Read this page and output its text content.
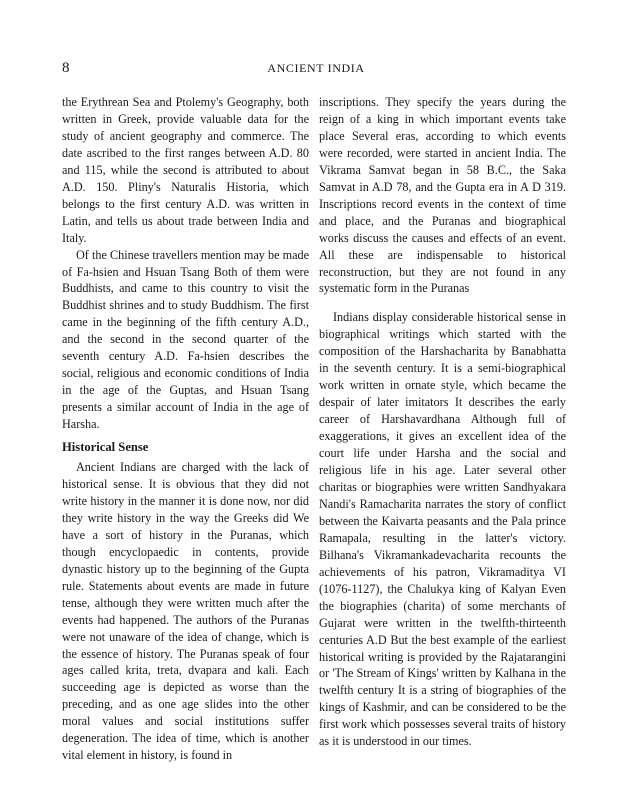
8	ANCIENT INDIA

the Erythrean Sea and Ptolemy's Geography, both written in Greek, provide valuable data for the study of ancient geography and commerce. The date ascribed to the first ranges between A.D. 80 and 115, while the second is attributed to about A.D. 150. Pliny's Naturalis Historia, which belongs to the first century A.D. was written in Latin, and tells us about trade between India and Italy.

Of the Chinese travellers mention may be made of Fa-hsien and Hsuan Tsang Both of them were Buddhists, and came to this country to visit the Buddhist shrines and to study Buddhism. The first came in the beginning of the fifth century A.D., and the second in the second quarter of the seventh century A.D. Fa-hsien describes the social, religious and economic conditions of India in the age of the Guptas, and Hsuan Tsang presents a similar account of India in the age of Harsha.

Historical Sense

Ancient Indians are charged with the lack of historical sense. It is obvious that they did not write history in the manner it is done now, nor did they write history in the way the Greeks did We have a sort of history in the Puranas, which though encyclopaedic in contents, provide dynastic history up to the beginning of the Gupta rule. Statements about events are made in future tense, although they were written much after the events had happened. The authors of the Puranas were not unaware of the idea of change, which is the essence of history. The Puranas speak of four ages called krita, treta, dvapara and kali. Each succeeding age is depicted as worse than the preceding, and as one age slides into the other moral values and social institutions suffer degeneration. The idea of time, which is another vital element in history, is found in

inscriptions. They specify the years during the reign of a king in which important events take place Several eras, according to which events were recorded, were started in ancient India. The Vikrama Samvat began in 58 B.C., the Saka Samvat in A.D 78, and the Gupta era in A D 319. Inscriptions record events in the context of time and place, and the Puranas and biographical works discuss the causes and effects of an event. All these are indispensable to historical reconstruction, but they are not found in any systematic form in the Puranas

Indians display considerable historical sense in biographical writings which started with the composition of the Harshacharita by Banabhatta in the seventh century. It is a semi-biographical work written in ornate style, which became the despair of later imitators It describes the early career of Harshavardhana Although full of exaggerations, it gives an excellent idea of the court life under Harsha and the social and religious life in his age. Later several other charitas or biographies were written Sandhyakara Nandi's Ramacharita narrates the story of conflict between the Kaivarta peasants and the Pala prince Ramapala, resulting in the latter's victory. Bilhana's Vikramankadevacharita recounts the achievements of his patron, Vikramaditya VI (1076-1127), the Chalukya king of Kalyan Even the biographies (charita) of some merchants of Gujarat were written in the twelfth-thirteenth centuries A.D But the best example of the earliest historical writing is provided by the Rajatarangini or 'The Stream of Kings' written by Kalhana in the twelfth century It is a string of biographies of the kings of Kashmir, and can be considered to be the first work which possesses several traits of history as it is understood in our times.
